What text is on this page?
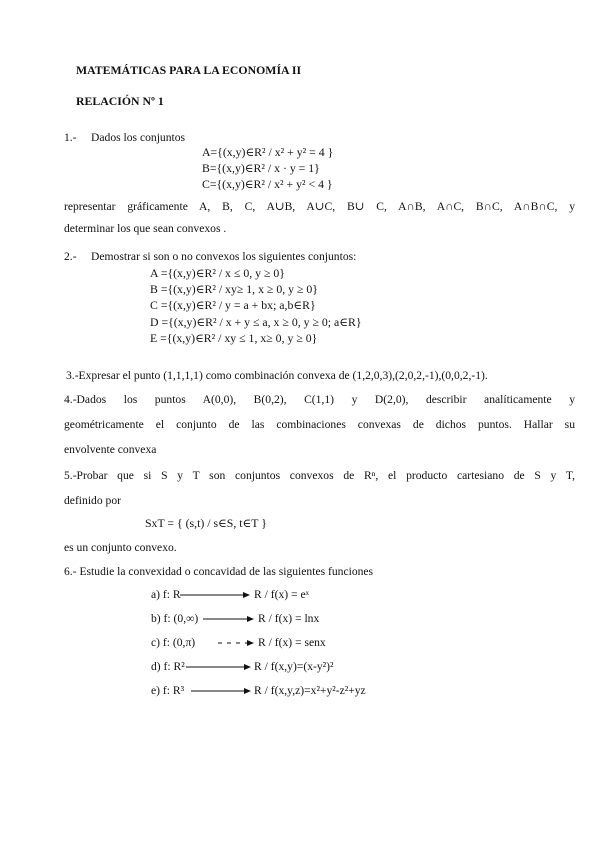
MATEMÁTICAS PARA LA ECONOMÍA II
RELACIÓN Nº 1
1.- Dados los conjuntos
A={(x,y)∈R² / x² + y² = 4 }
B={(x,y)∈R² / x · y = 1}
C={(x,y)∈R² / x² + y² < 4 }
representar gráficamente A, B, C, A∪B, A∪C, B∪ C, A∩B, A∩C, B∩C, A∩B∩C, y
determinar los que sean convexos .
2.- Demostrar si son o no convexos los siguientes conjuntos:
A ={(x,y)∈R² / x ≤ 0, y ≥ 0}
B ={(x,y)∈R² / xy≥ 1, x ≥ 0, y ≥ 0}
C ={(x,y)∈R² / y = a + bx; a,b∈R}
D ={(x,y)∈R² / x + y ≤ a, x ≥ 0, y ≥ 0; a∈R}
E ={(x,y)∈R² / xy ≤ 1, x≥ 0, y ≥ 0}
3.-Expresar el punto (1,1,1,1) como combinación convexa de (1,2,0,3),(2,0,2,-1),(0,0,2,-1).
4.-Dados los puntos A(0,0), B(0,2), C(1,1) y D(2,0), describir analíticamente y
geométricamente el conjunto de las combinaciones convexas de dichos puntos. Hallar su
envolvente convexa
5.-Probar que si S y T son conjuntos convexos de Rⁿ, el producto cartesiano de S y T,
definido por
SxT = { (s,t) / s∈S, t∈T }
es un conjunto convexo.
6.- Estudie la convexidad o concavidad de las siguientes funciones
a) f: R	R / f(x) = eˣ
b) f: (0,∞)	R / f(x) = lnx
c) f: (0,π)	R / f(x) = senx
d) f: R²	R / f(x,y)=(x-y²)²
e) f: R³	R / f(x,y,z)=x²+y²-z²+yz
